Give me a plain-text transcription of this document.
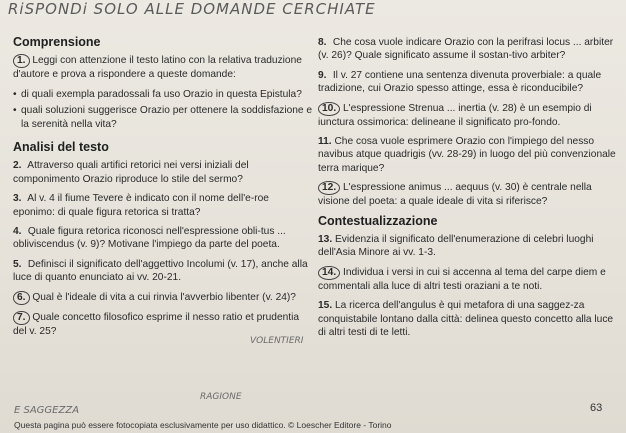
RiSPONDi SOLO ALLE DOMANDE CERCHIATE
Comprensione
1. Leggi con attenzione il testo latino con la relativa traduzione d'autore e prova a rispondere a queste domande:
• di quali exempla paradossali fa uso Orazio in questa Epistula?
• quali soluzioni suggerisce Orazio per ottenere la soddisfazione e la serenità nella vita?
Analisi del testo
2. Attraverso quali artifici retorici nei versi iniziali del componimento Orazio riproduce lo stile del sermo?
3. Al v. 4 il fiume Tevere è indicato con il nome dell'e-roe eponimo: di quale figura retorica si tratta?
4. Quale figura retorica riconosci nell'espressione obli-tus ... obliviscendus (v. 9)? Motivane l'impiego da parte del poeta.
5. Definisci il significato dell'aggettivo Incolumi (v. 17), anche alla luce di quanto enunciato ai vv. 20-21.
6. Qual è l'ideale di vita a cui rinvia l'avverbio libenter (v. 24)?
7. Quale concetto filosofico esprime il nesso ratio et prudentia del v. 25?
8. Che cosa vuole indicare Orazio con la perifrasi locus ... arbiter (v. 26)? Quale significato assume il sostan-tivo arbiter?
9. Il v. 27 contiene una sentenza divenuta proverbiale: a quale tradizione, cui Orazio spesso attinge, essa è riconducibile?
10. L'espressione Strenua ... inertia (v. 28) è un esempio di iunctura ossimorica: delineane il significato pro-fondo.
11. Che cosa vuole esprimere Orazio con l'impiego del nesso navibus atque quadrigis (vv. 28-29) in luogo del più convenzionale terra marique?
12. L'espressione animus ... aequus (v. 30) è centrale nella visione del poeta: a quale ideale di vita si riferisce?
Contestualizzazione
13. Evidenzia il significato dell'enumerazione di celebri luoghi dell'Asia Minore ai vv. 1-3.
14. Individua i versi in cui si accenna al tema del carpe diem e commentali alla luce di altri testi oraziani a te noti.
15. La ricerca dell'angulus è qui metafora di una saggez-za conquistabile lontano dalla città: delinea questo concetto alla luce di altri testi di te letti.
VOLENTIERI
RAGIONE
E SAGGEZZA	63
Questa pagina può essere fotocopiata esclusivamente per uso didattico. © Loescher Editore - Torino
